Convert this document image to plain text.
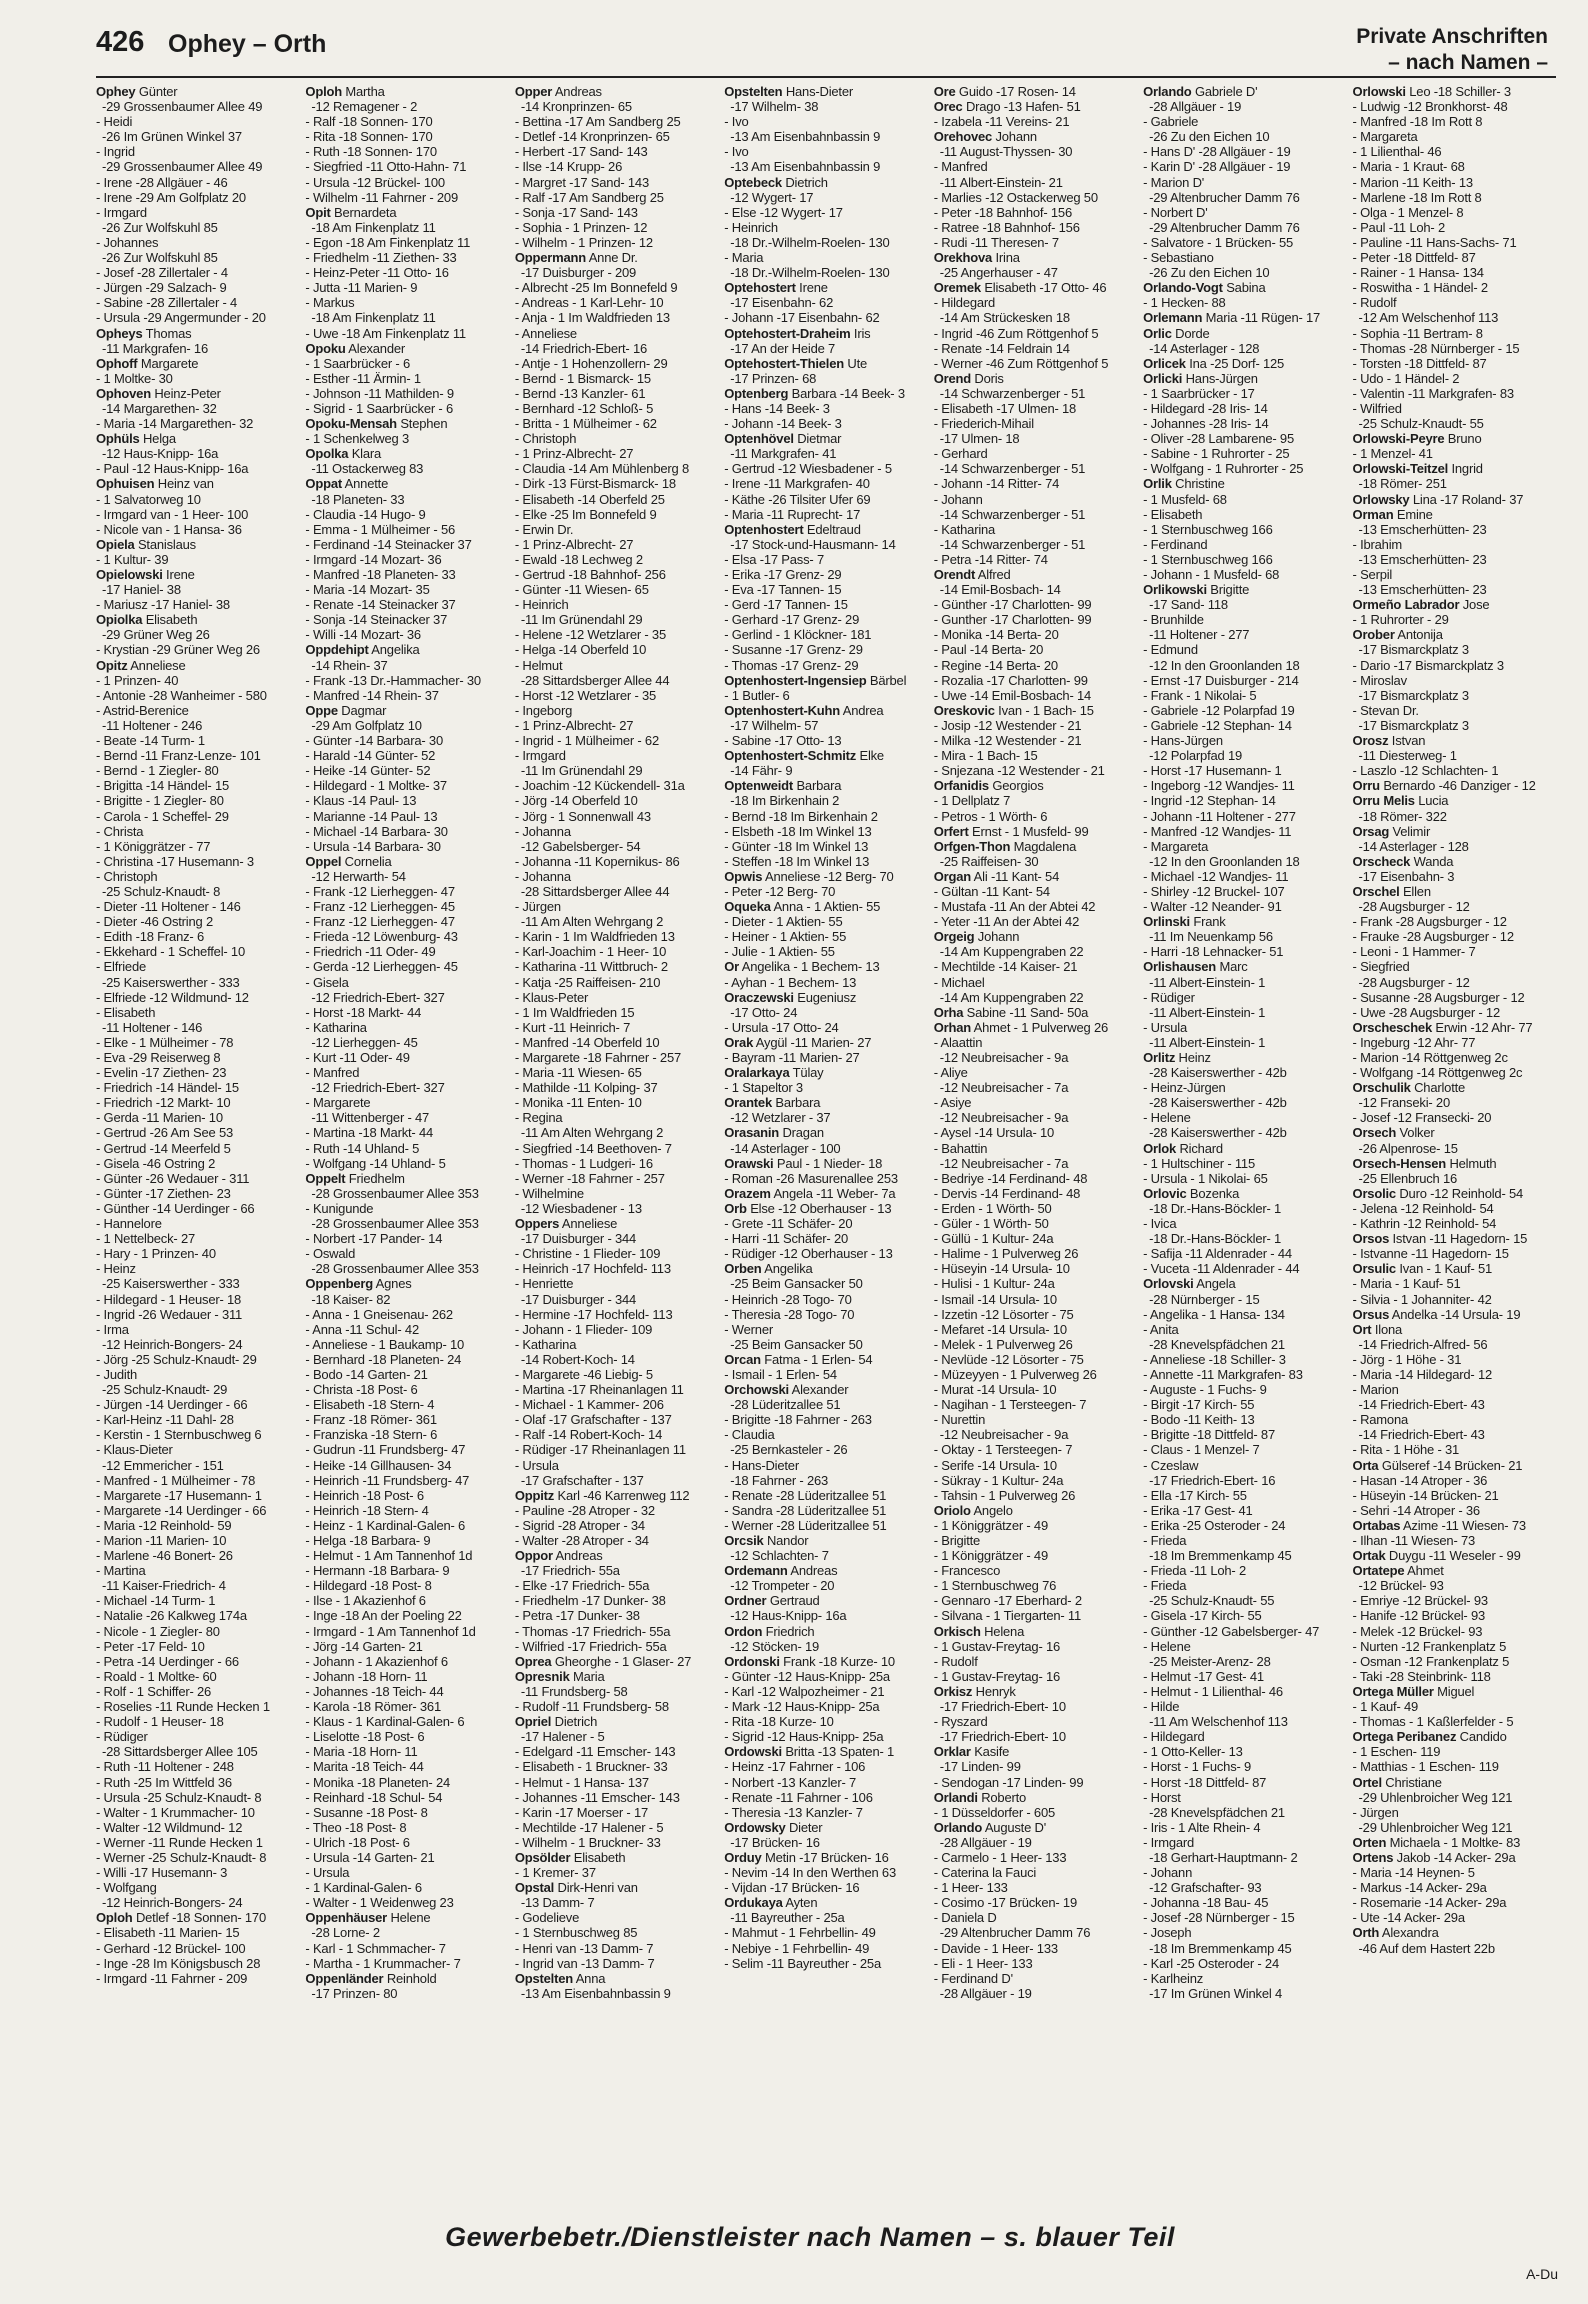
426 Ophey – Orth	Private Anschriften
– nach Namen –
Ophey Günter
-29 Grossenbaumer Allee 49
- Heidi
-26 Im Grünen Winkel 37
- Ingrid
-29 Grossenbaumer Allee 49
- Irene -28 Allgäuer - 46
- Irene -29 Am Golfplatz 20
- Irmgard
-26 Zur Wolfskuhl 85
- Johannes
-26 Zur Wolfskuhl 85
- Josef -28 Zillertaler - 4
- Jürgen -29 Salzach- 9
- Sabine -28 Zillertaler - 4
- Ursula -29 Angermunder - 20
Opheys Thomas
-11 Markgrafen- 16
Ophoff Margarete
- 1 Moltke- 30
Ophoven Heinz-Peter
-14 Margarethen- 32
- Maria -14 Margarethen- 32
Ophüls Helga
-12 Haus-Knipp- 16a
- Paul -12 Haus-Knipp- 16a
Ophuisen Heinz van
- 1 Salvatorweg 10
- Irmgard van - 1 Heer- 100
- Nicole van - 1 Hansa- 36
Opiela Stanislaus
- 1 Kultur- 39
Opielowski Irene
-17 Haniel- 38
- Mariusz -17 Haniel- 38
Opiolka Elisabeth
-29 Grüner Weg 26
- Krystian -29 Grüner Weg 26
Opitz Anneliese
- 1 Prinzen- 40
- Antonie -28 Wanheimer - 580
- Astrid-Berenice
-11 Holtener - 246
- Beate -14 Turm- 1
- Bernd -11 Franz-Lenze- 101
- Bernd - 1 Ziegler- 80
- Brigitta -14 Händel- 15
- Brigitte - 1 Ziegler- 80
- Carola - 1 Scheffel- 29
- Christa
- 1 Königgrätzer - 77
- Christina -17 Husemann- 3
- Christoph
-25 Schulz-Knaudt- 8
- Dieter -11 Holtener - 146
- Dieter -46 Ostring 2
- Edith -18 Franz- 6
- Ekkehard - 1 Scheffel- 10
- Elfriede
-25 Kaiserswerther - 333
- Elfriede -12 Wildmund- 12
- Elisabeth
-11 Holtener - 146
- Elke - 1 Mülheimer - 78
- Eva -29 Reiserweg 8
- Evelin -17 Ziethen- 23
- Friedrich -14 Händel- 15
- Friedrich -12 Markt- 10
- Gerda -11 Marien- 10
- Gertrud -26 Am See 53
- Gertrud -14 Meerfeld 5
- Gisela -46 Ostring 2
- Günter -26 Wedauer - 311
- Günter -17 Ziethen- 23
- Günther -14 Uerdinger - 66
- Hannelore
- 1 Nettelbeck- 27
- Hary - 1 Prinzen- 40
- Heinz
-25 Kaiserswerther - 333
- Hildegard - 1 Heuser- 18
- Ingrid -26 Wedauer - 311
- Irma
-12 Heinrich-Bongers- 24
- Jörg -25 Schulz-Knaudt- 29
- Judith
-25 Schulz-Knaudt- 29
- Jürgen -14 Uerdinger - 66
- Karl-Heinz -11 Dahl- 28
- Kerstin - 1 Sternbuschweg 6
- Klaus-Dieter
-12 Emmericher - 151
- Manfred - 1 Mülheimer - 78
- Margarete -17 Husemann- 1
- Margarete -14 Uerdinger - 66
- Maria -12 Reinhold- 59
- Marion -11 Marien- 10
- Marlene -46 Bonert- 26
- Martina
-11 Kaiser-Friedrich- 4
- Michael -14 Turm- 1
- Natalie -26 Kalkweg 174a
- Nicole - 1 Ziegler- 80
- Peter -17 Feld- 10
- Petra -14 Uerdinger - 66
- Roald - 1 Moltke- 60
- Rolf - 1 Schiffer- 26
- Roselies -11 Runde Hecken 1
- Rudolf - 1 Heuser- 18
- Rüdiger
-28 Sittardsberger Allee 105
- Ruth -11 Holtener - 248
- Ruth -25 Im Wittfeld 36
- Ursula -25 Schulz-Knaudt- 8
- Walter - 1 Krummacher- 10
- Walter -12 Wildmund- 12
- Werner -11 Runde Hecken 1
- Werner -25 Schulz-Knaudt- 8
- Willi -17 Husemann- 3
- Wolfgang
-12 Heinrich-Bongers- 24
Oploh Detlef -18 Sonnen- 170
- Elisabeth -11 Marien- 15
- Gerhard -12 Brückel- 100
- Inge -28 Im Königsbusch 28
- Irmgard -11 Fahrner - 209
Oploh Martha
-12 Remagener - 2
- Ralf -18 Sonnen- 170
- Rita -18 Sonnen- 170
- Ruth -18 Sonnen- 170
- Siegfried -11 Otto-Hahn- 71
- Ursula -12 Brückel- 100
- Wilhelm -11 Fahrner - 209
Opit Bernardeta
-18 Am Finkenplatz 11
- Egon -18 Am Finkenplatz 11
- Friedhelm -11 Ziethen- 33
- Heinz-Peter -11 Otto- 16
- Jutta -11 Marien- 9
- Markus
-18 Am Finkenplatz 11
- Uwe -18 Am Finkenplatz 11
Opoku Alexander
- 1 Saarbrücker - 6
- Esther -11 Ärmin- 1
- Johnson -11 Mathilden- 9
- Sigrid - 1 Saarbrücker - 6
Opoku-Mensah Stephen
- 1 Schenkelweg 3
Opolka Klara
-11 Ostackerweg 83
Oppat Annette
-18 Planeten- 33
- Claudia -14 Hugo- 9
- Emma - 1 Mülheimer - 56
- Ferdinand -14 Steinacker 37
- Irmgard -14 Mozart- 36
- Manfred -18 Planeten- 33
- Maria -14 Mozart- 35
- Renate -14 Steinacker 37
- Sonja -14 Steinacker 37
- Willi -14 Mozart- 36
Oppdehipt Angelika
-14 Rhein- 37
- Frank -13 Dr.-Hammacher- 30
- Manfred -14 Rhein- 37
Oppe Dagmar
-29 Am Golfplatz 10
- Günter -14 Barbara- 30
- Harald -14 Günter- 52
- Heike -14 Günter- 52
- Hildegard - 1 Moltke- 37
- Klaus -14 Paul- 13
- Marianne -14 Paul- 13
- Michael -14 Barbara- 30
- Ursula -14 Barbara- 30
Oppel Cornelia
-12 Herwarth- 54
- Frank -12 Lierheggen- 47
- Franz -12 Lierheggen- 45
- Franz -12 Lierheggen- 47
- Frieda -12 Löwenburg- 43
- Friedrich -11 Oder- 49
- Gerda -12 Lierheggen- 45
- Gisela
-12 Friedrich-Ebert- 327
- Horst -18 Markt- 44
- Katharina
-12 Lierheggen- 45
- Kurt -11 Oder- 49
- Manfred
-12 Friedrich-Ebert- 327
- Margarete
-11 Wittenberger - 47
- Martina -18 Markt- 44
- Ruth -14 Uhland- 5
- Wolfgang -14 Uhland- 5
Oppelt Friedhelm
-28 Grossenbaumer Allee 353
- Kunigunde
-28 Grossenbaumer Allee 353
- Norbert -17 Pander- 14
- Oswald
-28 Grossenbaumer Allee 353
Oppenberg Agnes
-18 Kaiser- 82
- Anna - 1 Gneisenau- 262
- Anna -11 Schul- 42
- Anneliese - 1 Baukamp- 10
- Bernhard -18 Planeten- 24
- Bodo -14 Garten- 21
- Christa -18 Post- 6
- Elisabeth -18 Stern- 4
- Franz -18 Römer- 361
- Franziska -18 Stern- 6
- Gudrun -11 Frundsberg- 47
- Heike -14 Gillhausen- 34
- Heinrich -11 Frundsberg- 47
- Heinrich -18 Post- 6
- Heinrich -18 Stern- 4
- Heinz - 1 Kardinal-Galen- 6
- Helga -18 Barbara- 9
- Helmut - 1 Am Tannenhof 1d
- Hermann -18 Barbara- 9
- Hildegard -18 Post- 8
- Ilse - 1 Akazienhof 6
- Inge -18 An der Poeling 22
- Irmgard - 1 Am Tannenhof 1d
- Jörg -14 Garten- 21
- Johann - 1 Akazienhof 6
- Johann -18 Horn- 11
- Johannes -18 Teich- 44
- Karola -18 Römer- 361
- Klaus - 1 Kardinal-Galen- 6
- Liselotte -18 Post- 6
- Maria -18 Horn- 11
- Marita -18 Teich- 44
- Monika -18 Planeten- 24
- Reinhard -18 Schul- 54
- Susanne -18 Post- 8
- Theo -18 Post- 8
- Ulrich -18 Post- 6
- Ursula -14 Garten- 21
- Ursula
- 1 Kardinal-Galen- 6
- Walter - 1 Weidenweg 23
Oppenhäuser Helene
-28 Lorne- 2
- Karl - 1 Schmmacher- 7
- Martha - 1 Krummacher- 7
Oppenländer Reinhold
-17 Prinzen- 80
Opper Andreas
-14 Kronprinzen- 65
- Bettina -17 Am Sandberg 25
- Detlef -14 Kronprinzen- 65
- Herbert -17 Sand- 143
- Ilse -14 Krupp- 26
- Margret -17 Sand- 143
- Ralf -17 Am Sandberg 25
- Sonja -17 Sand- 143
- Sophia - 1 Prinzen- 12
- Wilhelm - 1 Prinzen- 12
Oppermann Anne Dr.
-17 Duisburger - 209
- Albrecht -25 Im Bonnefeld 9
- Andreas - 1 Karl-Lehr- 10
- Anja - 1 Im Waldfrieden 13
- Anneliese
-14 Friedrich-Ebert- 16
- Antje - 1 Hohenzollern- 29
- Bernd - 1 Bismarck- 15
- Bernd -13 Kanzler- 61
- Bernhard -12 Schloß- 5
- Britta - 1 Mülheimer - 62
- Christoph
- 1 Prinz-Albrecht- 27
- Claudia -14 Am Mühlenberg 8
- Dirk -13 Fürst-Bismarck- 18
- Elisabeth -14 Oberfeld 25
- Elke -25 Im Bonnefeld 9
- Erwin Dr.
- 1 Prinz-Albrecht- 27
- Ewald -18 Lechweg 2
- Gertrud -18 Bahnhof- 256
- Günter -11 Wiesen- 65
- Heinrich
-11 Im Grünendahl 29
- Helene -12 Wetzlarer - 35
- Helga -14 Oberfeld 10
- Helmut
-28 Sittardsberger Allee 44
- Horst -12 Wetzlarer - 35
- Ingeborg
- 1 Prinz-Albrecht- 27
- Ingrid - 1 Mülheimer - 62
- Irmgard
-11 Im Grünendahl 29
- Joachim -12 Kückendell- 31a
- Jörg -14 Oberfeld 10
- Jörg - 1 Sonnenwall 43
- Johanna
-12 Gabelsberger- 54
- Johanna -11 Kopernikus- 86
- Johanna
-28 Sittardsberger Allee 44
- Jürgen
-11 Am Alten Wehrgang 2
- Karin - 1 Im Waldfrieden 13
- Karl-Joachim - 1 Heer- 10
- Katharina -11 Wittbruch- 2
- Katja -25 Raiffeisen- 210
- Klaus-Peter
- 1 Im Waldfrieden 15
- Kurt -11 Heinrich- 7
- Manfred -14 Oberfeld 10
- Margarete -18 Fahrner - 257
- Maria -11 Wiesen- 65
- Mathilde -11 Kolping- 37
- Monika -11 Enten- 10
- Regina
-11 Am Alten Wehrgang 2
- Siegfried -14 Beethoven- 7
- Thomas - 1 Ludgeri- 16
- Werner -18 Fahrner - 257
- Wilhelmine
-12 Wiesbadener - 13
Oppers Anneliese
-17 Duisburger - 344
- Christine - 1 Flieder- 109
- Heinrich -17 Hochfeld- 113
- Henriette
-17 Duisburger - 344
- Hermine -17 Hochfeld- 113
- Johann - 1 Flieder- 109
- Katharina
-14 Robert-Koch- 14
- Margarete -46 Liebig- 5
- Martina -17 Rheinanlagen 11
- Michael - 1 Kammer- 206
- Olaf -17 Grafschafter - 137
- Ralf -14 Robert-Koch- 14
- Rüdiger -17 Rheinanlagen 11
- Ursula
-17 Grafschafter - 137
Oppitz Karl -46 Karrenweg 112
- Pauline -28 Atroper - 32
- Sigrid -28 Atroper - 34
- Walter -28 Atroper - 34
Oppor Andreas
-17 Friedrich- 55a
- Elke -17 Friedrich- 55a
- Friedhelm -17 Dunker- 38
- Petra -17 Dunker- 38
- Thomas -17 Friedrich- 55a
- Wilfried -17 Friedrich- 55a
Oprea Gheorghe - 1 Glaser- 27
Opresnik Maria
-11 Frundsberg- 58
- Rudolf -11 Frundsberg- 58
Opriel Dietrich
-17 Halener - 5
- Edelgard -11 Emscher- 143
- Elisabeth - 1 Bruckner- 33
- Helmut - 1 Hansa- 137
- Johannes -11 Emscher- 143
- Karin -17 Moerser - 17
- Mechtilde -17 Halener - 5
- Wilhelm - 1 Bruckner- 33
Opsölder Elisabeth
- 1 Kremer- 37
Opstal Dirk-Henri van
-13 Damm- 7
- Godelieve
- 1 Sternbuschweg 85
- Henri van -13 Damm- 7
- Ingrid van -13 Damm- 7
Opstelten Anna
-13 Am Eisenbahnbassin 9
Opstelten Hans-Dieter
-17 Wilhelm- 38
- Ivo
-13 Am Eisenbahnbassin 9
- Ivo
-13 Am Eisenbahnbassin 9
Optebeck Dietrich
-12 Wygert- 17
- Else -12 Wygert- 17
- Heinrich
-18 Dr.-Wilhelm-Roelen- 130
- Maria
-18 Dr.-Wilhelm-Roelen- 130
Optehostert Irene
-17 Eisenbahn- 62
- Johann -17 Eisenbahn- 62
Optehostert-Draheim Iris
-17 An der Heide 7
Optehostert-Thielen Ute
-17 Prinzen- 68
Optenberg Barbara -14 Beek- 3
- Hans -14 Beek- 3
- Johann -14 Beek- 3
Optenhövel Dietmar
-11 Markgrafen- 41
- Gertrud -12 Wiesbadener - 5
- Irene -11 Markgrafen- 40
- Käthe -26 Tilsiter Ufer 69
- Maria -11 Ruprecht- 17
Optenhostert Edeltraud
-17 Stock-und-Hausmann- 14
- Elsa -17 Pass- 7
- Erika -17 Grenz- 29
- Eva -17 Tannen- 15
- Gerd -17 Tannen- 15
- Gerhard -17 Grenz- 29
- Gerlind - 1 Klöckner- 181
- Susanne -17 Grenz- 29
- Thomas -17 Grenz- 29
Optenhostert-Ingensiep Bärbel
- 1 Butler- 6
Optenhostert-Kuhn Andrea
-17 Wilhelm- 57
- Sabine -17 Otto- 13
Optenhostert-Schmitz Elke
-14 Fähr- 9
Optenweidt Barbara
-18 Im Birkenhain 2
- Bernd -18 Im Birkenhain 2
- Elsbeth -18 Im Winkel 13
- Günter -18 Im Winkel 13
- Steffen -18 Im Winkel 13
Opwis Anneliese -12 Berg- 70
- Peter -12 Berg- 70
Oqueka Anna - 1 Aktien- 55
- Dieter - 1 Aktien- 55
- Heiner - 1 Aktien- 55
- Julie - 1 Aktien- 55
Or Angelika - 1 Bechem- 13
- Ayhan - 1 Bechem- 13
Oraczewski Eugeniusz
-17 Otto- 24
- Ursula -17 Otto- 24
Orak Aygül -11 Marien- 27
- Bayram -11 Marien- 27
Oralarkaya Tülay
- 1 Stapeltor 3
Orantek Barbara
-12 Wetzlarer - 37
Orasanin Dragan
-14 Asterlager - 100
Orawski Paul - 1 Nieder- 18
- Roman -26 Masurenallee 253
Orazem Angela -11 Weber- 7a
Orb Else -12 Oberhauser - 13
- Grete -11 Schäfer- 20
- Harri -11 Schäfer- 20
- Rüdiger -12 Oberhauser - 13
Orben Angelika
-25 Beim Gansacker 50
- Heinrich -28 Togo- 70
- Theresia -28 Togo- 70
- Werner
-25 Beim Gansacker 50
Orcan Fatma - 1 Erlen- 54
- Ismail - 1 Erlen- 54
Orchowski Alexander
-28 Lüderitzallee 51
- Brigitte -18 Fahrner - 263
- Claudia
-25 Bernkasteler - 26
- Hans-Dieter
-18 Fahrner - 263
- Renate -28 Lüderitzallee 51
- Sandra -28 Lüderitzallee 51
- Werner -28 Lüderitzallee 51
Orcsik Nandor
-12 Schlachten- 7
Ordemann Andreas
-12 Trompeter - 20
Ordner Gertraud
-12 Haus-Knipp- 16a
Ordon Friedrich
-12 Stöcken- 19
Ordonski Frank -18 Kurze- 10
- Günter -12 Haus-Knipp- 25a
- Karl -12 Walpozheimer - 21
- Mark -12 Haus-Knipp- 25a
- Rita -18 Kurze- 10
- Sigrid -12 Haus-Knipp- 25a
Ordowski Britta -13 Spaten- 1
- Heinz -17 Fahrner - 106
- Norbert -13 Kanzler- 7
- Renate -11 Fahrner - 106
- Theresia -13 Kanzler- 7
Ordowsky Dieter
-17 Brücken- 16
Orduy Metin -17 Brücken- 16
- Nevim -14 In den Werthen 63
- Vijdan -17 Brücken- 16
Ordukaya Ayten
-11 Bayreuther - 25a
- Mahmut - 1 Fehrbellin- 49
- Nebiye - 1 Fehrbellin- 49
- Selim -11 Bayreuther - 25a
Ore Guido -17 Rosen- 14
Orec Drago -13 Hafen- 51
- Izabela -11 Vereins- 21
Orehovec Johann
-11 August-Thyssen- 30
- Manfred
-11 Albert-Einstein- 21
- Marlies -12 Ostackerweg 50
- Peter -18 Bahnhof- 156
- Ratree -18 Bahnhof- 156
- Rudi -11 Theresen- 7
Orekhova Irina
-25 Angerhauser - 47
Oremek Elisabeth -17 Otto- 46
- Hildegard
-14 Am Strückesken 18
- Ingrid -46 Zum Röttgenhof 5
- Renate -14 Feldrain 14
- Werner -46 Zum Röttgenhof 5
Orend Doris
-14 Schwarzenberger - 51
- Elisabeth -17 Ulmen- 18
- Friederich-Mihail
-17 Ulmen- 18
- Gerhard
-14 Schwarzenberger - 51
- Johann -14 Ritter- 74
- Johann
-14 Schwarzenberger - 51
- Katharina
-14 Schwarzenberger - 51
- Petra -14 Ritter- 74
Orendt Alfred
-14 Emil-Bosbach- 14
- Günther -17 Charlotten- 99
- Gunther -17 Charlotten- 99
- Monika -14 Berta- 20
- Paul -14 Berta- 20
- Regine -14 Berta- 20
- Rozalia -17 Charlotten- 99
- Uwe -14 Emil-Bosbach- 14
Oreskovic Ivan - 1 Bach- 15
- Josip -12 Westender - 21
- Milka -12 Westender - 21
- Mira - 1 Bach- 15
- Snjezana -12 Westender - 21
Orfanidis Georgios
- 1 Dellplatz 7
- Petros - 1 Wörth- 6
Orfert Ernst - 1 Musfeld- 99
Orfgen-Thon Magdalena
-25 Raiffeisen- 30
Organ Ali -11 Kant- 54
- Gültan -11 Kant- 54
- Mustafa -11 An der Abtei 42
- Yeter -11 An der Abtei 42
Orgeig Johann
-14 Am Kuppengraben 22
- Mechtilde -14 Kaiser- 21
- Michael
-14 Am Kuppengraben 22
Orha Sabine -11 Sand- 50a
Orhan Ahmet - 1 Pulverweg 26
- Alaattin
-12 Neubreisacher - 9a
- Aliye
-12 Neubreisacher - 7a
- Asiye
-12 Neubreisacher - 9a
- Aysel -14 Ursula- 10
- Bahattin
-12 Neubreisacher - 7a
- Bedriye -14 Ferdinand- 48
- Dervis -14 Ferdinand- 48
- Erden - 1 Wörth- 50
- Güler - 1 Wörth- 50
- Güllü - 1 Kultur- 24a
- Halime - 1 Pulverweg 26
- Hüseyin -14 Ursula- 10
- Hulisi - 1 Kultur- 24a
- Ismail -14 Ursula- 10
- Izzetin -12 Lösorter - 75
- Mefaret -14 Ursula- 10
- Melek - 1 Pulverweg 26
- Nevlüde -12 Lösorter - 75
- Müzeyyen - 1 Pulverweg 26
- Murat -14 Ursula- 10
- Nagihan - 1 Tersteegen- 7
- Nurettin
-12 Neubreisacher - 9a
- Oktay - 1 Tersteegen- 7
- Serife -14 Ursula- 10
- Sükray - 1 Kultur- 24a
- Tahsin - 1 Pulverweg 26
Oriolo Angelo
- 1 Königgrätzer - 49
- Brigitte
- 1 Königgrätzer - 49
- Francesco
- 1 Sternbuschweg 76
- Gennaro -17 Eberhard- 2
- Silvana - 1 Tiergarten- 11
Orkisch Helena
- 1 Gustav-Freytag- 16
- Rudolf
- 1 Gustav-Freytag- 16
Orkisz Henryk
-17 Friedrich-Ebert- 10
- Ryszard
-17 Friedrich-Ebert- 10
Orklar Kasife
-17 Linden- 99
- Sendogan -17 Linden- 99
Orlandi Roberto
- 1 Düsseldorfer - 605
Orlando Auguste D'
-28 Allgäuer - 19
- Carmelo - 1 Heer- 133
- Caterina la Fauci
- 1 Heer- 133
- Cosimo -17 Brücken- 19
- Daniela D
-29 Altenbrucher Damm 76
- Davide - 1 Heer- 133
- Eli - 1 Heer- 133
- Ferdinand D'
-28 Allgäuer - 19
Orlando Gabriele D'
-28 Allgäuer - 19
- Gabriele
-26 Zu den Eichen 10
- Hans D' -28 Allgäuer - 19
- Karin D' -28 Allgäuer - 19
- Marion D'
-29 Altenbrucher Damm 76
- Norbert D'
-29 Altenbrucher Damm 76
- Salvatore - 1 Brücken- 55
- Sebastiano
-26 Zu den Eichen 10
Orlando-Vogt Sabina
- 1 Hecken- 88
Orlemann Maria -11 Rügen- 17
Orlic Dorde
-14 Asterlager - 128
Orlicek Ina -25 Dorf- 125
Orlicki Hans-Jürgen
- 1 Saarbrücker - 17
- Hildegard -28 Iris- 14
- Johannes -28 Iris- 14
- Oliver -28 Lambarene- 95
- Sabine - 1 Ruhrorter - 25
- Wolfgang - 1 Ruhrorter - 25
Orlik Christine
- 1 Musfeld- 68
- Elisabeth
- 1 Sternbuschweg 166
- Ferdinand
- 1 Sternbuschweg 166
- Johann - 1 Musfeld- 68
Orlikowski Brigitte
-17 Sand- 118
- Brunhilde
-11 Holtener - 277
- Edmund
-12 In den Groonlanden 18
- Ernst -17 Duisburger - 214
- Frank - 1 Nikolai- 5
- Gabriele -12 Polarpfad 19
- Gabriele -12 Stephan- 14
- Hans-Jürgen
-12 Polarpfad 19
- Horst -17 Husemann- 1
- Ingeborg -12 Wandjes- 11
- Ingrid -12 Stephan- 14
- Johann -11 Holtener - 277
- Manfred -12 Wandjes- 11
- Margareta
-12 In den Groonlanden 18
- Michael -12 Wandjes- 11
- Shirley -12 Bruckel- 107
- Walter -12 Neander- 91
Orlinski Frank
-11 Im Neuenkamp 56
- Harri -18 Lehnacker- 51
Orlishausen Marc
-11 Albert-Einstein- 1
- Rüdiger
-11 Albert-Einstein- 1
- Ursula
-11 Albert-Einstein- 1
Orlitz Heinz
-28 Kaiserswerther - 42b
- Heinz-Jürgen
-28 Kaiserswerther - 42b
- Helene
-28 Kaiserswerther - 42b
Orlok Richard
- 1 Hultschiner - 115
- Ursula - 1 Nikolai- 65
Orlovic Bozenka
-18 Dr.-Hans-Böckler- 1
- Ivica
-18 Dr.-Hans-Böckler- 1
- Safija -11 Aldenrader - 44
- Vuceta -11 Aldenrader - 44
Orlovski Angela
-28 Nürnberger - 15
- Angelika - 1 Hansa- 134
- Anita
-28 Knevelspfädchen 21
- Anneliese -18 Schiller- 3
- Annette -11 Markgrafen- 83
- Auguste - 1 Fuchs- 9
- Birgit -17 Kirch- 55
- Bodo -11 Keith- 13
- Brigitte -18 Dittfeld- 87
- Claus - 1 Menzel- 7
- Czeslaw
-17 Friedrich-Ebert- 16
- Ella -17 Kirch- 55
- Erika -17 Gest- 41
- Erika -25 Osteroder - 24
- Frieda
-18 Im Bremmenkamp 45
- Frieda -11 Loh- 2
- Frieda
-25 Schulz-Knaudt- 55
- Gisela -17 Kirch- 55
- Günther -12 Gabelsberger- 47
- Helene
-25 Meister-Arenz- 28
- Helmut -17 Gest- 41
- Helmut - 1 Lilienthal- 46
- Hilde
-11 Am Welschenhof 113
- Hildegard
- 1 Otto-Keller- 13
- Horst - 1 Fuchs- 9
- Horst -18 Dittfeld- 87
- Horst
-28 Knevelspfädchen 21
- Iris - 1 Alte Rhein- 4
- Irmgard
-18 Gerhart-Hauptmann- 2
- Johann
-12 Grafschafter- 93
- Johanna -18 Bau- 45
- Josef -28 Nürnberger - 15
- Joseph
-18 Im Bremmenkamp 45
- Karl -25 Osteroder - 24
- Karlheinz
-17 Im Grünen Winkel 4
Orlowski Leo -18 Schiller- 3
- Ludwig -12 Bronkhorst- 48
- Manfred -18 Im Rott 8
- Margareta
- 1 Lilienthal- 46
- Maria - 1 Kraut- 68
- Marion -11 Keith- 13
- Marlene -18 Im Rott 8
- Olga - 1 Menzel- 8
- Paul -11 Loh- 2
- Pauline -11 Hans-Sachs- 71
- Peter -18 Dittfeld- 87
- Rainer - 1 Hansa- 134
- Roswitha - 1 Händel- 2
- Rudolf
-12 Am Welschenhof 113
- Sophia -11 Bertram- 8
- Thomas -28 Nürnberger - 15
- Torsten -18 Dittfeld- 87
- Udo - 1 Händel- 2
- Valentin -11 Markgrafen- 83
- Wilfried
-25 Schulz-Knaudt- 55
Orlowski-Peyre Bruno
- 1 Menzel- 41
Orlowski-Teitzel Ingrid
-18 Römer- 251
Orlowsky Lina -17 Roland- 37
Orman Emine
-13 Emscherhütten- 23
- Ibrahim
-13 Emscherhütten- 23
- Serpil
-13 Emscherhütten- 23
Ormeño Labrador Jose
- 1 Ruhrorter - 29
Orober Antonija
-17 Bismarckplatz 3
- Dario -17 Bismarckplatz 3
- Miroslav
-17 Bismarckplatz 3
- Stevan Dr.
-17 Bismarckplatz 3
Orosz Istvan
-11 Diesterweg- 1
- Laszlo -12 Schlachten- 1
Orru Bernardo -46 Danziger - 12
Orru Melis Lucia
-18 Römer- 322
Orsag Velimir
-14 Asterlager - 128
Orscheck Wanda
-17 Eisenbahn- 3
Orschel Ellen
-28 Augsburger - 12
- Frank -28 Augsburger - 12
- Frauke -28 Augsburger - 12
- Leoni - 1 Hammer- 7
- Siegfried
-28 Augsburger - 12
- Susanne -28 Augsburger - 12
- Uwe -28 Augsburger - 12
Orscheschek Erwin -12 Ahr- 77
- Ingeburg -12 Ahr- 77
- Marion -14 Röttgenweg 2c
- Wolfgang -14 Röttgenweg 2c
Orschulik Charlotte
-12 Franseki- 20
- Josef -12 Fransecki- 20
Orsech Volker
-26 Alpenrose- 15
Orsech-Hensen Helmuth
-25 Ellenbruch 16
Orsolic Duro -12 Reinhold- 54
- Jelena -12 Reinhold- 54
- Kathrin -12 Reinhold- 54
Orsos Istvan -11 Hagedorn- 15
- Istvanne -11 Hagedorn- 15
Orsulic Ivan - 1 Kauf- 51
- Maria - 1 Kauf- 51
- Silvia - 1 Johanniter- 42
Orsus Andelka -14 Ursula- 19
Ort Ilona
-14 Friedrich-Alfred- 56
- Jörg - 1 Höhe - 31
- Maria -14 Hildegard- 12
- Marion
-14 Friedrich-Ebert- 43
- Ramona
-14 Friedrich-Ebert- 43
- Rita - 1 Höhe - 31
Orta Gülseref -14 Brücken- 21
- Hasan -14 Atroper - 36
- Hüseyin -14 Brücken- 21
- Sehri -14 Atroper - 36
Ortabas Azime -11 Wiesen- 73
- Ilhan -11 Wiesen- 73
Ortak Duygu -11 Weseler - 99
Ortatepe Ahmet
-12 Brückel- 93
- Emriye -12 Brückel- 93
- Hanife -12 Brückel- 93
- Melek -12 Brückel- 93
- Nurten -12 Frankenplatz 5
- Osman -12 Frankenplatz 5
- Taki -28 Steinbrink- 118
Ortega Müller Miguel
- 1 Kauf- 49
- Thomas - 1 Kaßlerfelder - 5
Ortega Peribanez Candido
- 1 Eschen- 119
- Matthias - 1 Eschen- 119
Ortel Christiane
-29 Uhlenbroicher Weg 121
- Jürgen
-29 Uhlenbroicher Weg 121
Orten Michaela - 1 Moltke- 83
Ortens Jakob -14 Acker- 29a
- Maria -14 Heynen- 5
- Markus -14 Acker- 29a
- Rosemarie -14 Acker- 29a
- Ute -14 Acker- 29a
Orth Alexandra
-46 Auf dem Hastert 22b
Gewerbebetr./Dienstleister nach Namen – s. blauer Teil
A-Du
